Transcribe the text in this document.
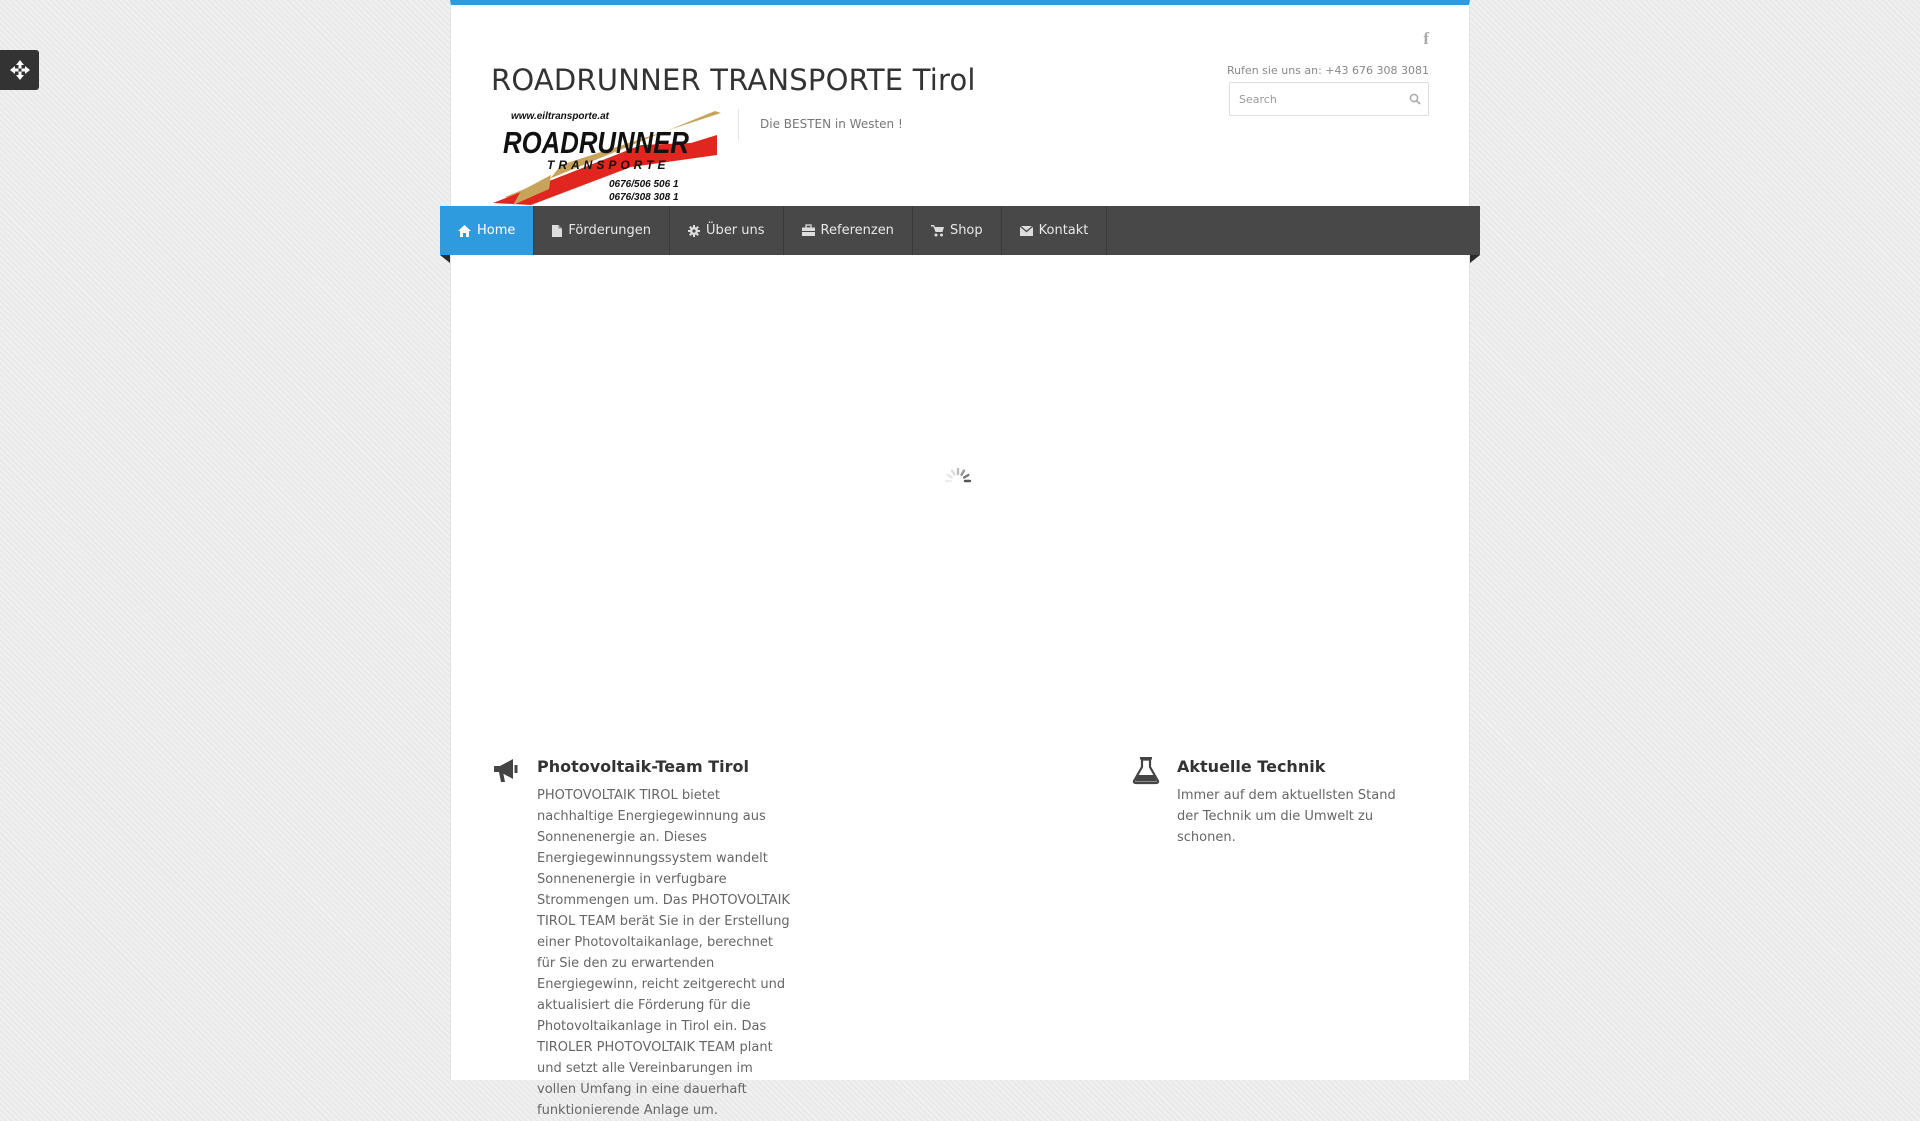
ROADRUNNER TRANSPORTE Tirol
www.eiltransporte.at
ROADRUNNER
TRANSPORTE
0676/506 506 1
0676/308 308 1
Die BESTEN in Westen !
f
Rufen sie uns an: +43 676 308 3081
Search
Photovoltaik-Team Tirol

PHOTOVOLTAIK TIROL bietet nachhaltige Energiegewinnung aus Sonnenenergie an. Dieses Energiegewinnungssystem wandelt Sonnenenergie in verfugbare Strommengen um. Das PHOTOVOLTAIK TIROL TEAM berät Sie in der Erstellung einer Photovoltaikanlage, berechnet für Sie den zu erwartenden Energiegewinn, reicht zeitgerecht und aktualisiert die Förderung für die Photovoltaikanlage in Tirol ein. Das TIROLER PHOTOVOLTAIK TEAM plant und setzt alle Vereinbarungen im vollen Umfang in eine dauerhaft funktionierende Anlage um.

Aktuelle Technik

Immer auf dem aktuellsten Stand der Technik um die Umwelt zu schonen.

Home	Förderungen	Über uns	Referenzen	Shop	Kontakt
